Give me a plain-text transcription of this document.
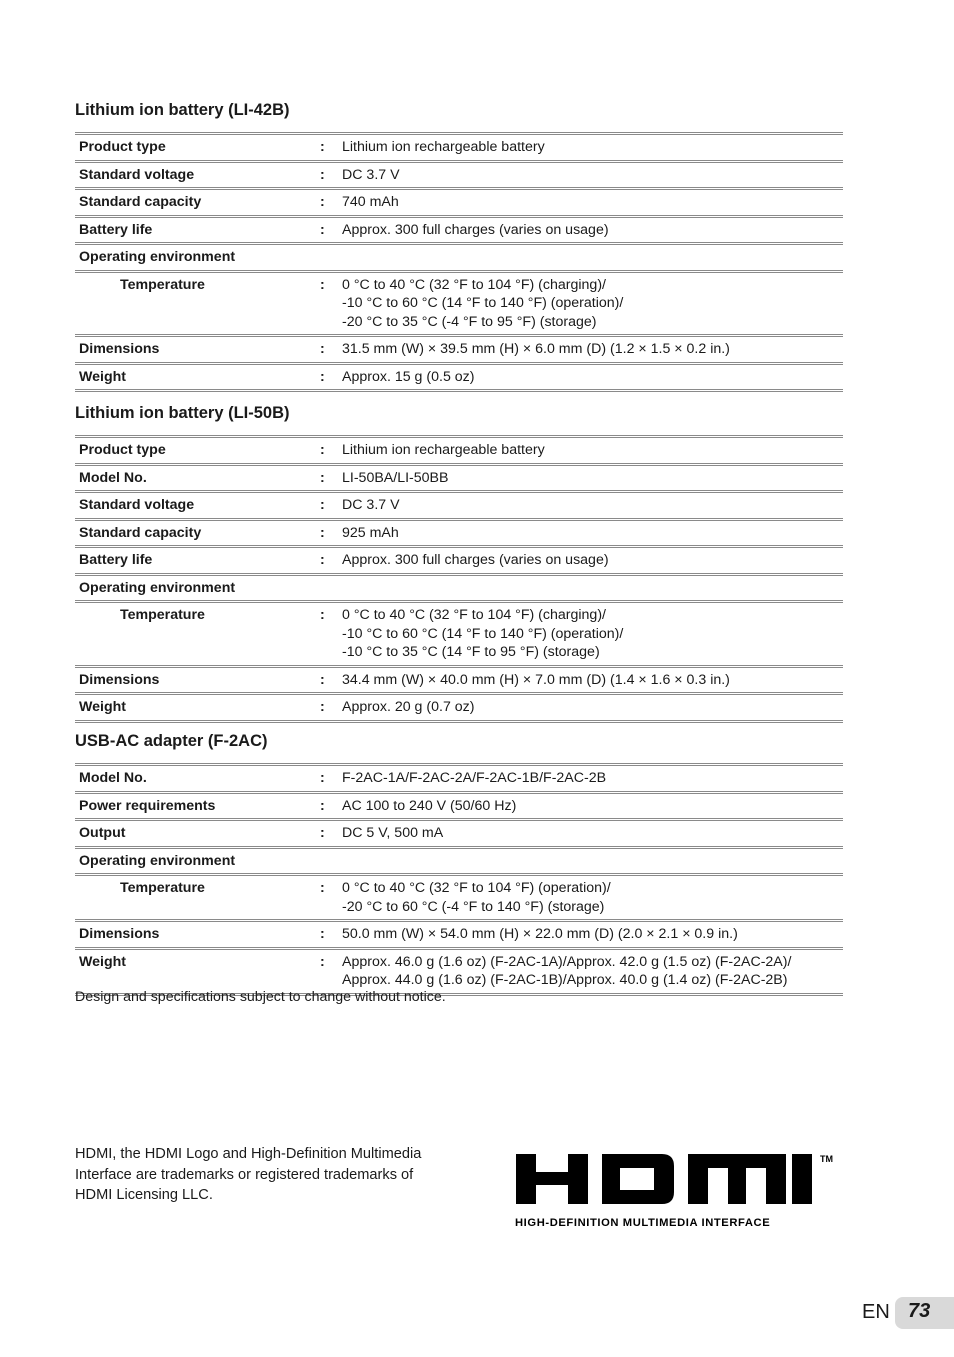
Lithium ion battery (LI-42B)
Product type	:	Lithium ion rechargeable battery

Standard voltage	:	DC 3.7 V

Standard capacity	:	740 mAh

Battery life	:	Approx. 300 full charges (varies on usage)

Operating environment		
Temperature	:	0 °C to 40 °C (32 °F to 104 °F) (charging)/
-10 °C to 60 °C (14 °F to 140 °F) (operation)/
-20 °C to 35 °C (-4 °F to 95 °F) (storage)

Dimensions	:	31.5 mm (W) × 39.5 mm (H) × 6.0 mm (D) (1.2 × 1.5 × 0.2 in.)

Weight	:	Approx. 15 g (0.5 oz)
Lithium ion battery (LI-50B)
Product type	:	Lithium ion rechargeable battery

Model No.	:	LI-50BA/LI-50BB

Standard voltage	:	DC 3.7 V

Standard capacity	:	925 mAh

Battery life	:	Approx. 300 full charges (varies on usage)

Operating environment		
Temperature	:	0 °C to 40 °C (32 °F to 104 °F) (charging)/
-10 °C to 60 °C (14 °F to 140 °F) (operation)/
-10 °C to 35 °C (14 °F to 95 °F) (storage)

Dimensions	:	34.4 mm (W) × 40.0 mm (H) × 7.0 mm (D) (1.4 × 1.6 × 0.3 in.)

Weight	:	Approx. 20 g (0.7 oz)
USB-AC adapter (F-2AC)
Model No.	:	F-2AC-1A/F-2AC-2A/F-2AC-1B/F-2AC-2B

Power requirements	:	AC 100 to 240 V (50/60 Hz)

Output	:	DC 5 V, 500 mA

Operating environment		
Temperature	:	0 °C to 40 °C (32 °F to 104 °F) (operation)/
-20 °C to 60 °C (-4 °F to 140 °F) (storage)

Dimensions	:	50.0 mm (W) × 54.0 mm (H) × 22.0 mm (D) (2.0 × 2.1 × 0.9 in.)

Weight	:	Approx. 46.0 g (1.6 oz) (F-2AC-1A)/Approx. 42.0 g (1.5 oz) (F-2AC-2A)/
Approx. 44.0 g (1.6 oz) (F-2AC-1B)/Approx. 40.0 g (1.4 oz) (F-2AC-2B)
Design and specifications subject to change without notice.
HDMI, the HDMI Logo and High-Definition Multimedia
Interface are trademarks or registered trademarks of
HDMI Licensing LLC.
TM
HIGH-DEFINITION MULTIMEDIA INTERFACE
EN 73
